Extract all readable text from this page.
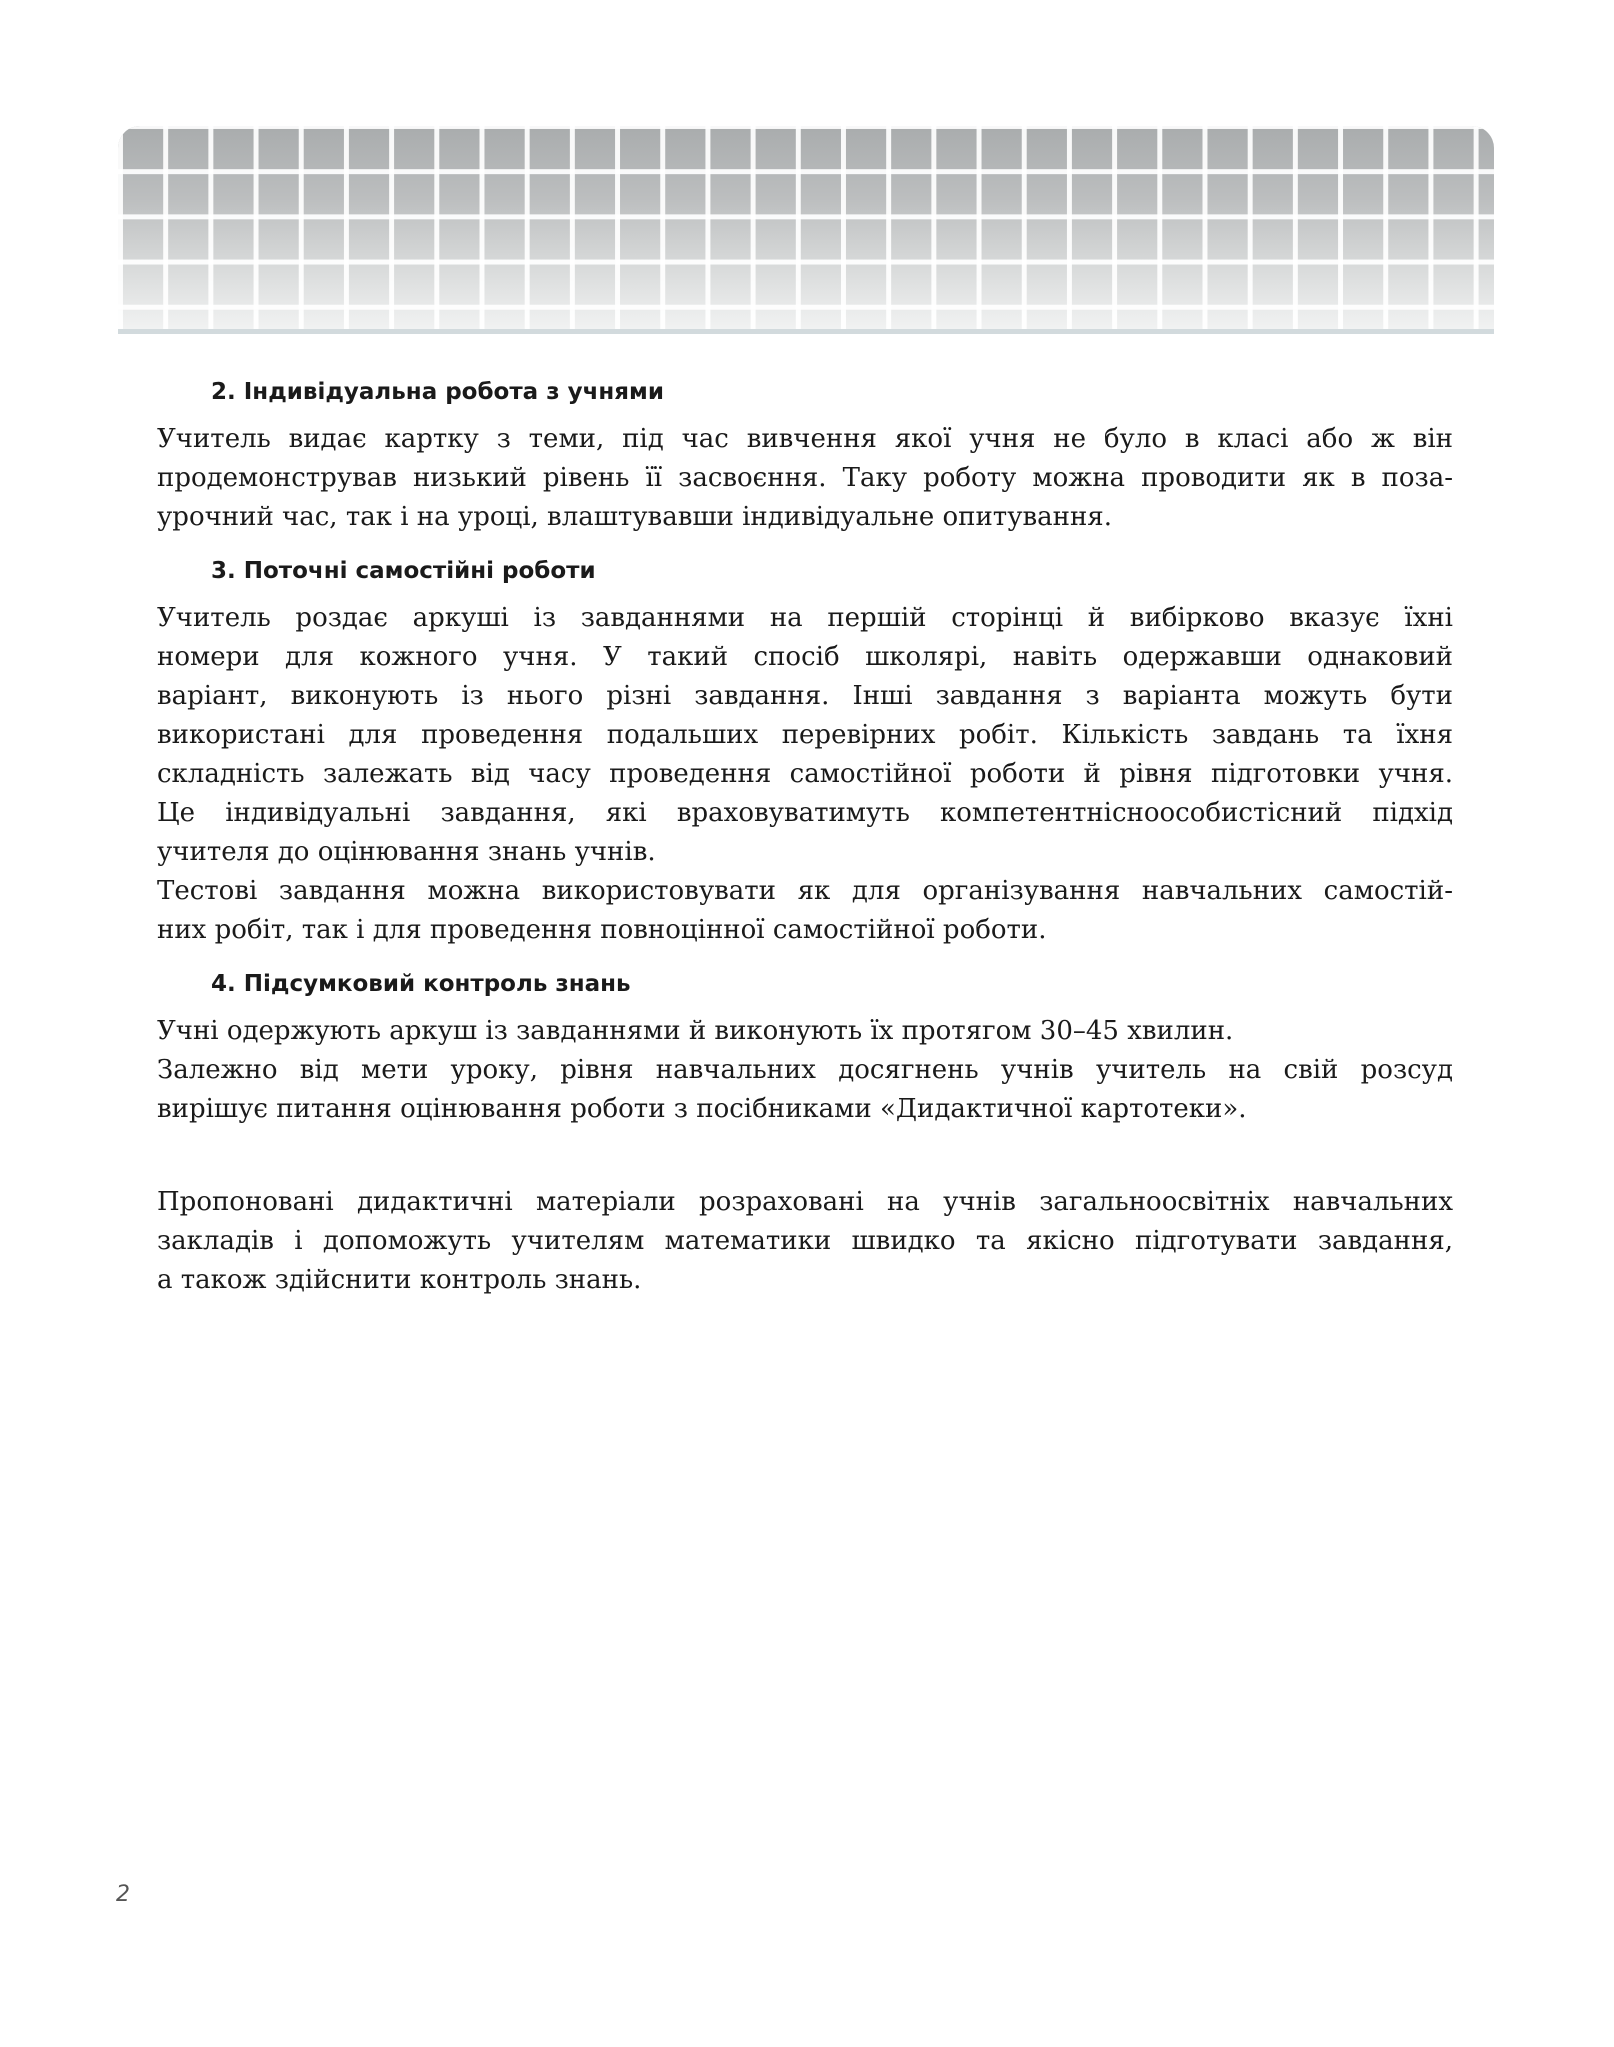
2. Індивідуальна робота з учнями

Учитель видає картку з теми, під час вивчення якої учня не було в класі або ж він
продемонстрував низький рівень її засвоєння. Таку роботу можна проводити як в поза-
урочний час, так і на уроці, влаштувавши індивідуальне опитування.

3. Поточні самостійні роботи

Учитель роздає аркуші із завданнями на першій сторінці й вибірково вказує їхні
номери для кожного учня. У такий спосіб школярі, навіть одержавши однаковий
варіант, виконують із нього різні завдання. Інші завдання з варіанта можуть бути
використані для проведення подальших перевірних робіт. Кількість завдань та їхня
складність залежать від часу проведення самостійної роботи й рівня підготовки учня.
Це індивідуальні завдання, які враховуватимуть компетентнісноособистісний підхід
учителя до оцінювання знань учнів.

Тестові завдання можна використовувати як для організування навчальних самостій-
них робіт, так і для проведення повноцінної самостійної роботи.

4. Підсумковий контроль знань

Учні одержують аркуш із завданнями й виконують їх протягом 30–45 хвилин.
Залежно від мети уроку, рівня навчальних досягнень учнів учитель на свій розсуд
вирішує питання оцінювання роботи з посібниками «Дидактичної картотеки».

Пропоновані дидактичні матеріали розраховані на учнів загальноосвітніх навчальних
закладів і допоможуть учителям математики швидко та якісно підготувати завдання,
а також здійснити контроль знань.

2
